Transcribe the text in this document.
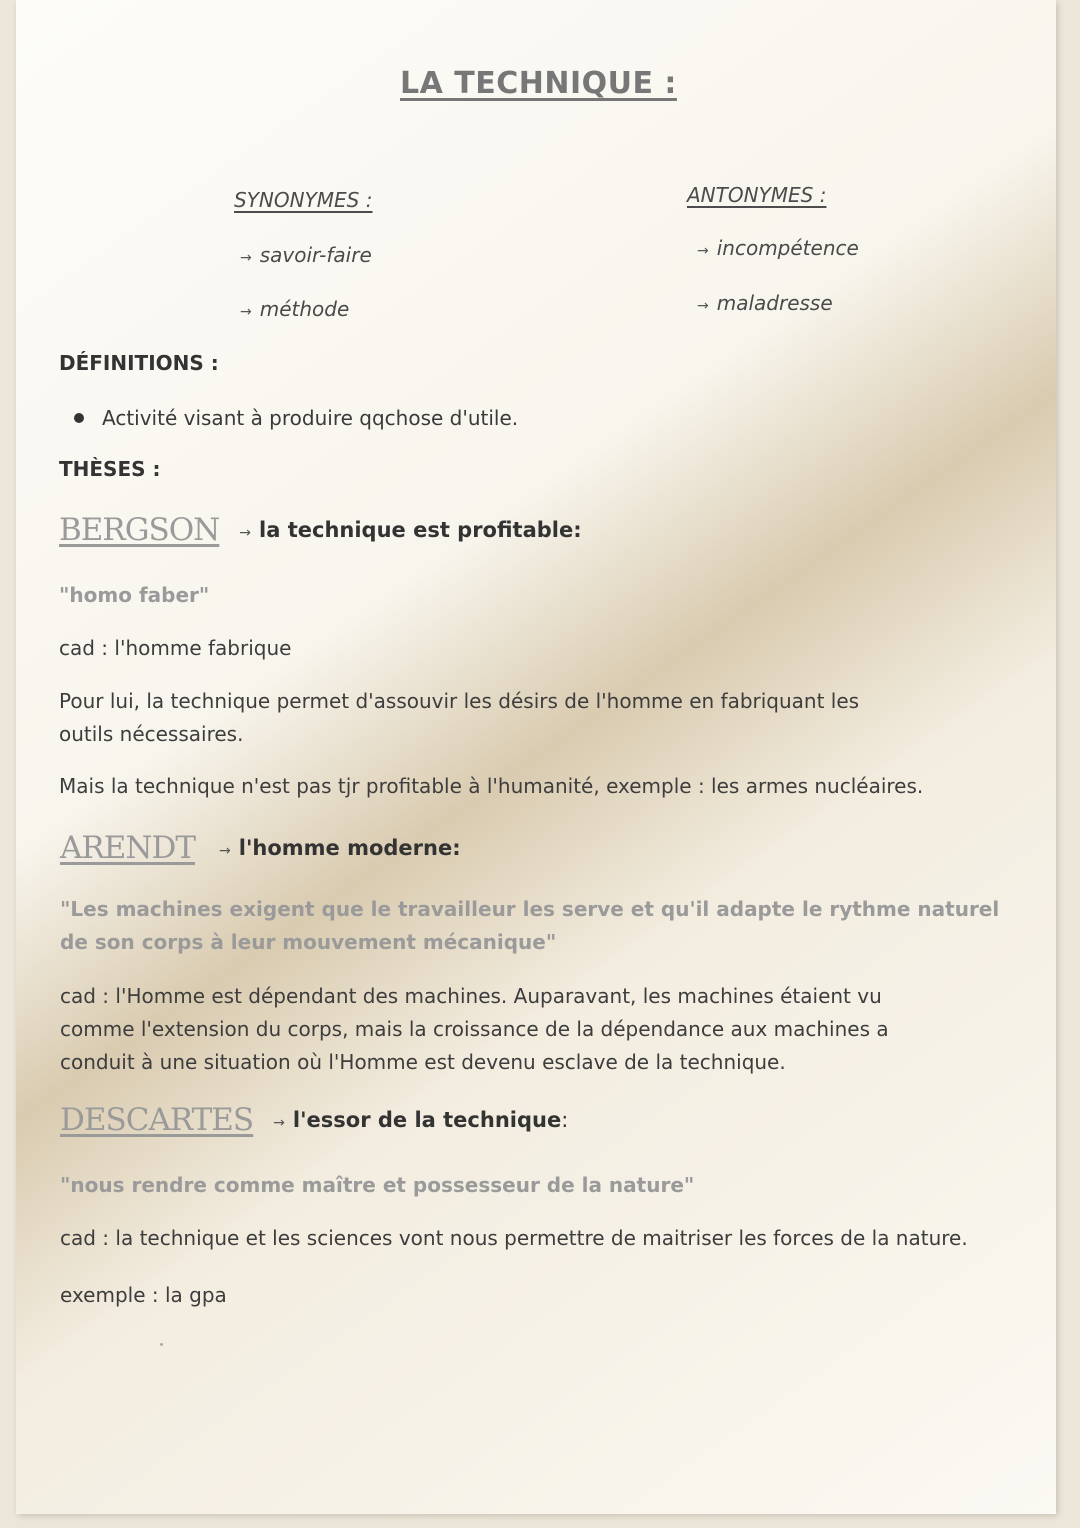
LA TECHNIQUE :
SYNONYMES :
→ savoir-faire
→ méthode
ANTONYMES :
→ incompétence
→ maladresse
DÉFINITIONS :
Activité visant à produire qqchose d'utile.
THÈSES :
BERGSON → la technique est profitable:
"homo faber"
cad : l'homme fabrique
Pour lui, la technique permet d'assouvir les désirs de l'homme en fabriquant les outils nécessaires.
Mais la technique n'est pas tjr profitable à l'humanité, exemple : les armes nucléaires.
ARENDT → l'homme moderne:
"Les machines exigent que le travailleur les serve et qu'il adapte le rythme naturel de son corps à leur mouvement mécanique"
cad : l'Homme est dépendant des machines. Auparavant, les machines étaient vu comme l'extension du corps, mais la croissance de la dépendance aux machines a conduit à une situation où l'Homme est devenu esclave de la technique.
DESCARTES → l'essor de la technique:
"nous rendre comme maître et possesseur de la nature"
cad : la technique et les sciences vont nous permettre de maitriser les forces de la nature.
exemple : la gpa
